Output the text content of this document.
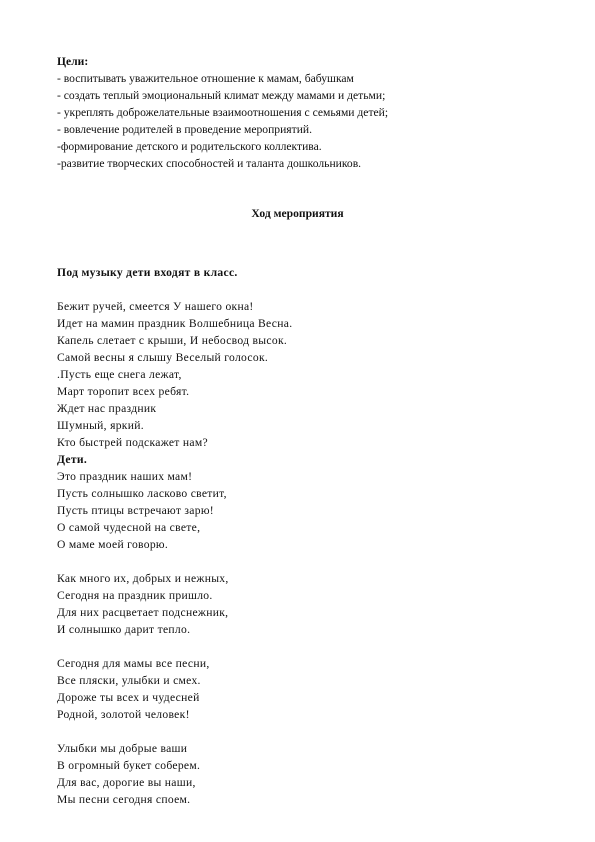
Цели:
- воспитывать уважительное отношение к мамам, бабушкам
- создать теплый эмоциональный климат между мамами и детьми;
- укреплять доброжелательные взаимоотношения с семьями детей;
- вовлечение родителей в проведение мероприятий.
-формирование детского и родительского коллектива.
-развитие творческих способностей и таланта дошкольников.
Ход мероприятия
Под музыку дети входят в класс.
Бежит ручей, смеется У нашего окна!
Идет на мамин праздник Волшебница Весна.
Капель слетает с крыши, И небосвод высок.
Самой весны я слышу Веселый голосок.
.Пусть еще снега лежат,
Март торопит всех ребят.
Ждет нас праздник
Шумный, яркий.
Кто быстрей подскажет нам?
Дети.
Это праздник наших мам!
Пусть солнышко ласково светит,
Пусть птицы встречают зарю!
О самой чудесной на свете,
О маме моей говорю.
Как много их, добрых и нежных,
Сегодня на праздник пришло.
Для них расцветает подснежник,
И солнышко дарит тепло.
Сегодня для мамы все песни,
Все пляски, улыбки и смех.
Дороже ты всех и чудесней
Родной, золотой человек!
Улыбки мы добрые ваши
В огромный букет соберем.
Для вас, дорогие вы наши,
Мы песни сегодня споем.
